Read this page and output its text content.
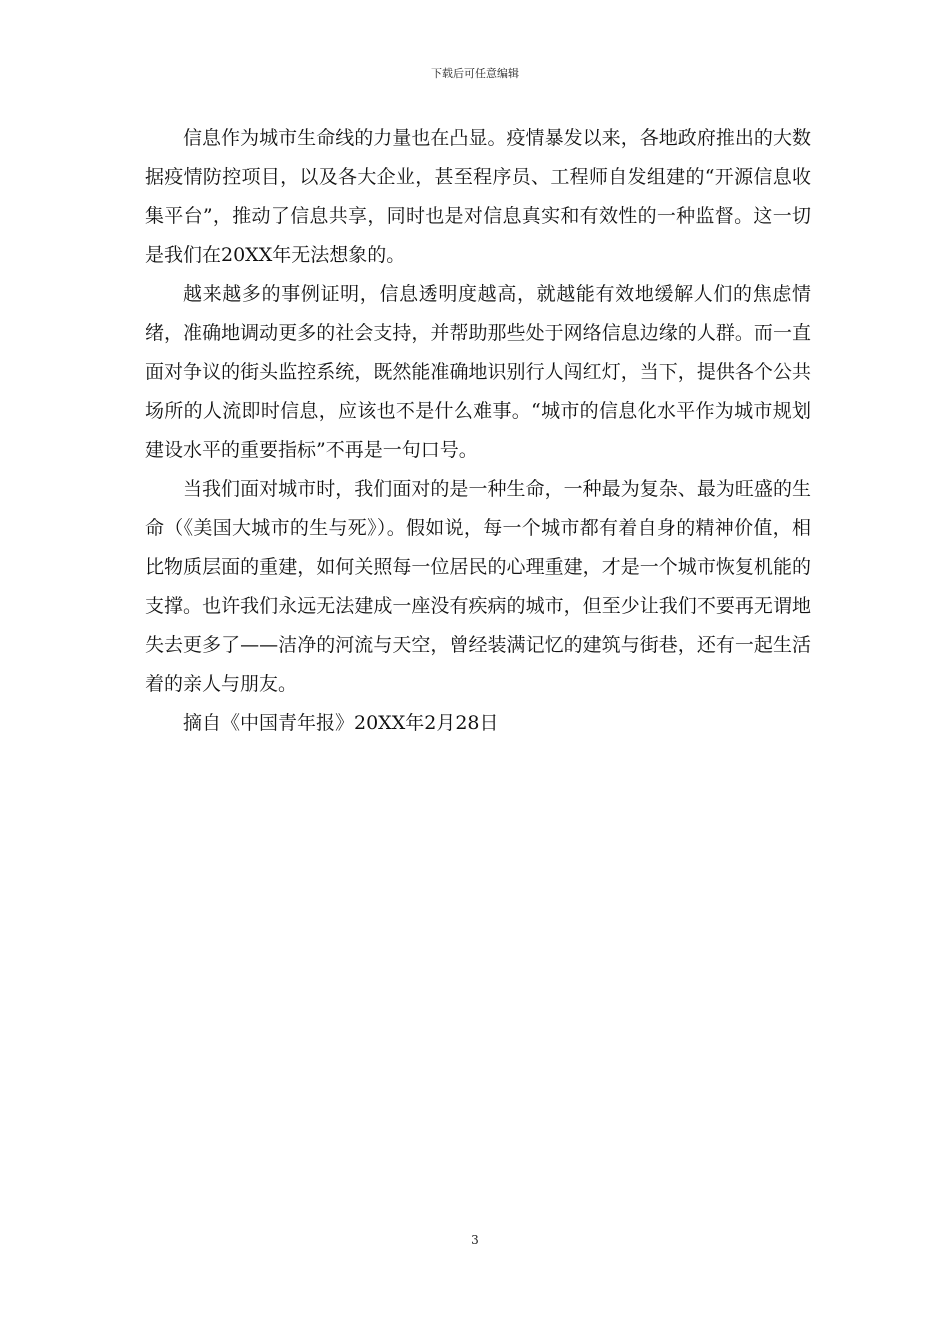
下载后可任意编辑

信息作为城市生命线的力量也在凸显。疫情暴发以来，各地政府推出的大数据疫情防控项目，以及各大企业，甚至程序员、工程师自发组建的“开源信息收集平台”，推动了信息共享，同时也是对信息真实和有效性的一种监督。这一切是我们在20XX年无法想象的。

越来越多的事例证明，信息透明度越高，就越能有效地缓解人们的焦虑情绪，准确地调动更多的社会支持，并帮助那些处于网络信息边缘的人群。而一直面对争议的街头监控系统，既然能准确地识别行人闯红灯，当下，提供各个公共场所的人流即时信息，应该也不是什么难事。“城市的信息化水平作为城市规划建设水平的重要指标”不再是一句口号。

当我们面对城市时，我们面对的是一种生命，一种最为复杂、最为旺盛的生命（《美国大城市的生与死》）。假如说，每一个城市都有着自身的精神价值，相比物质层面的重建，如何关照每一位居民的心理重建，才是一个城市恢复机能的支撑。也许我们永远无法建成一座没有疾病的城市，但至少让我们不要再无谓地失去更多了——洁净的河流与天空，曾经装满记忆的建筑与街巷，还有一起生活着的亲人与朋友。

摘自《中国青年报》20XX年2月28日

3
